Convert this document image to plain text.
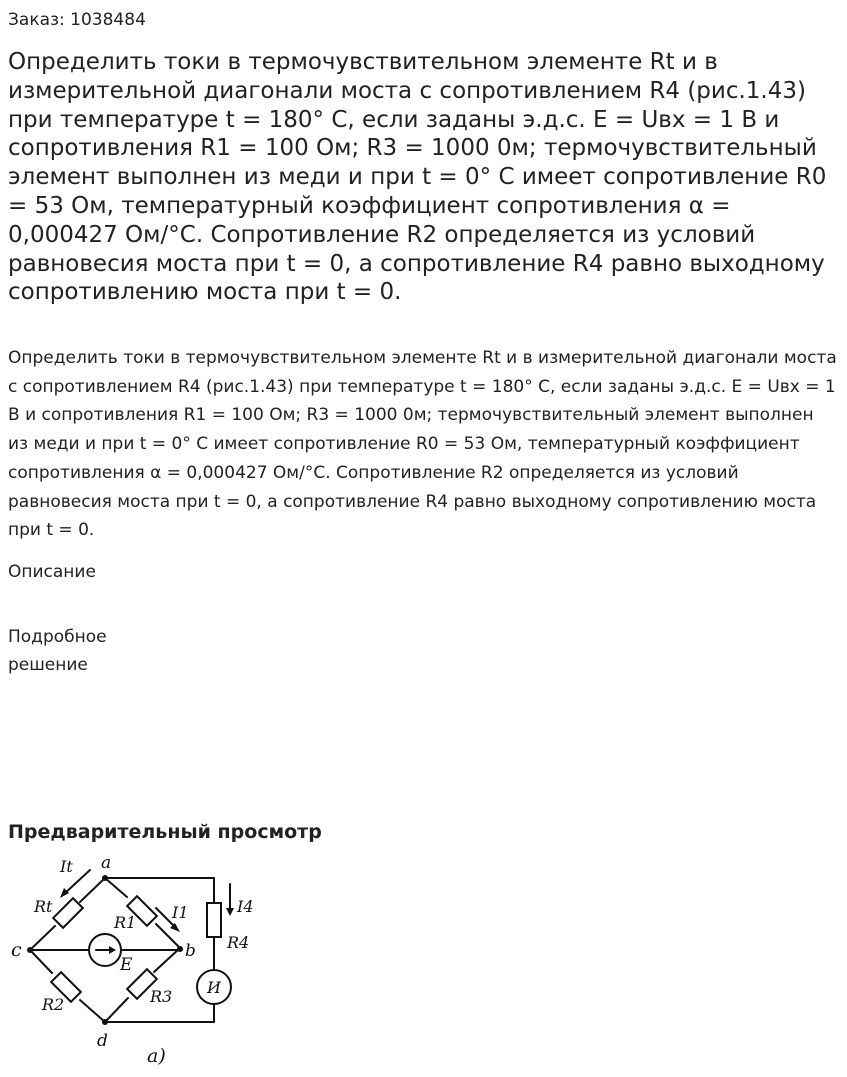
Заказ: 1038484
Определить токи в термочувствительном элементе Rt и в измерительной диагонали моста с сопротивлением R4 (рис.1.43) при температуре t = 180° С, если заданы э.д.с. Е = Uвх = 1 В и сопротивления R1 = 100 Ом; R3 = 1000 0м; термочувствительный элемент выполнен из меди и при t = 0° С имеет сопротивление R0 = 53 Ом, температурный коэффициент сопротивления α = 0,000427 Ом/°С. Сопротивление R2 определяется из условий равновесия моста при t = 0, а сопротивление R4 равно выходному сопротивлению моста при t = 0.

Определить токи в термочувствительном элементе Rt и в измерительной диагонали моста с сопротивлением R4 (рис.1.43) при температуре t = 180° С, если заданы э.д.с. Е = Uвх = 1 В и сопротивления R1 = 100 Ом; R3 = 1000 0м; термочувствительный элемент выполнен из меди и при t = 0° С имеет сопротивление R0 = 53 Ом, температурный коэффициент сопротивления α = 0,000427 Ом/°С. Сопротивление R2 определяется из условий равновесия моста при t = 0, а сопротивление R4 равно выходному сопротивлению моста при t = 0.

Описание
Подробное решение
Предварительный просмотр
a
b
c
d
It
I1	I4
Rt
R1
R2	R3
R4
E
И
а)
